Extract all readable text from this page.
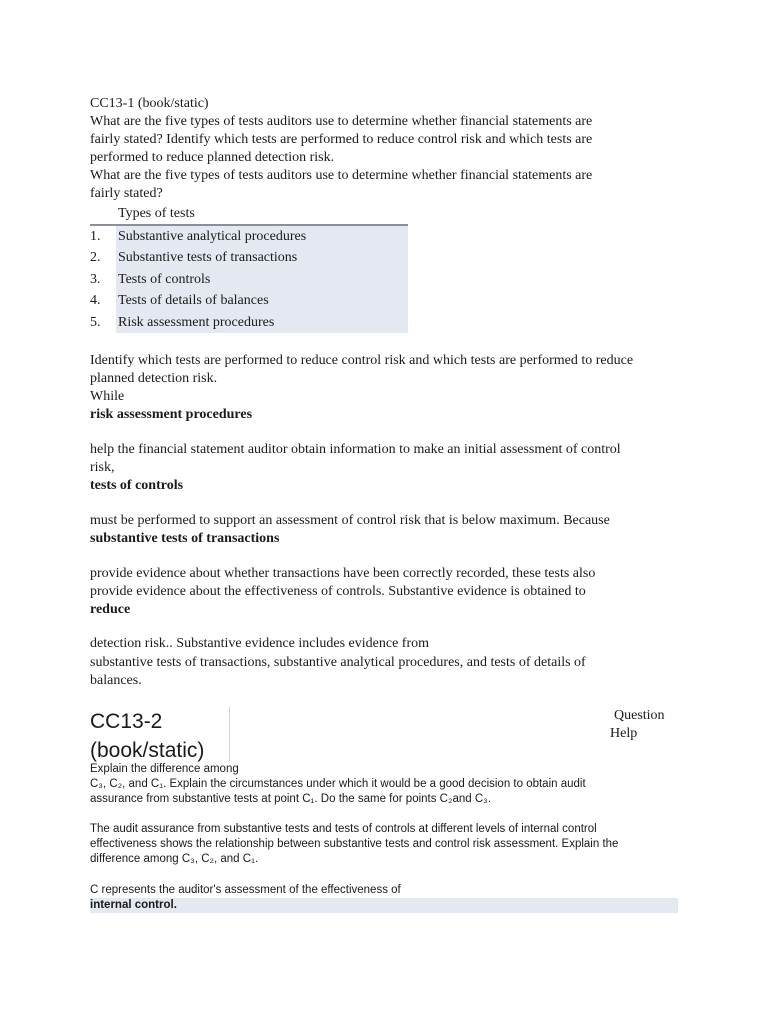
CC13-1 (book/static)
What are the five types of tests auditors use to determine whether financial statements are
fairly stated? Identify which tests are performed to reduce control risk and which tests are
performed to reduce planned detection risk.
What are the five types of tests auditors use to determine whether financial statements are
fairly stated?
Types of tests
1. Substantive analytical procedures
2. Substantive tests of transactions
3. Tests of controls
4. Tests of details of balances
5. Risk assessment procedures
Identify which tests are performed to reduce control risk and which tests are performed to reduce
planned detection risk.
While
risk assessment procedures
help the financial statement auditor obtain information to make an initial assessment of control
risk,
tests of controls
must be performed to support an assessment of control risk that is below maximum. Because
substantive tests of transactions
provide evidence about whether transactions have been correctly recorded, these tests also
provide evidence about the effectiveness of controls. Substantive evidence is obtained to
reduce
detection risk.. Substantive evidence includes evidence from
substantive tests of transactions, substantive analytical procedures, and tests of details of
balances.
CC13-2
(book/static)
Question
Help
Explain the difference among
C₃, C₂, and C₁. Explain the circumstances under which it would be a good decision to obtain audit
assurance from substantive tests at point C₁. Do the same for points C₂and C₃.
The audit assurance from substantive tests and tests of controls at different levels of internal control
effectiveness shows the relationship between substantive tests and control risk assessment. Explain the
difference among C₃, C₂, and C₁.
C represents the auditor's assessment of the effectiveness of
internal control.
